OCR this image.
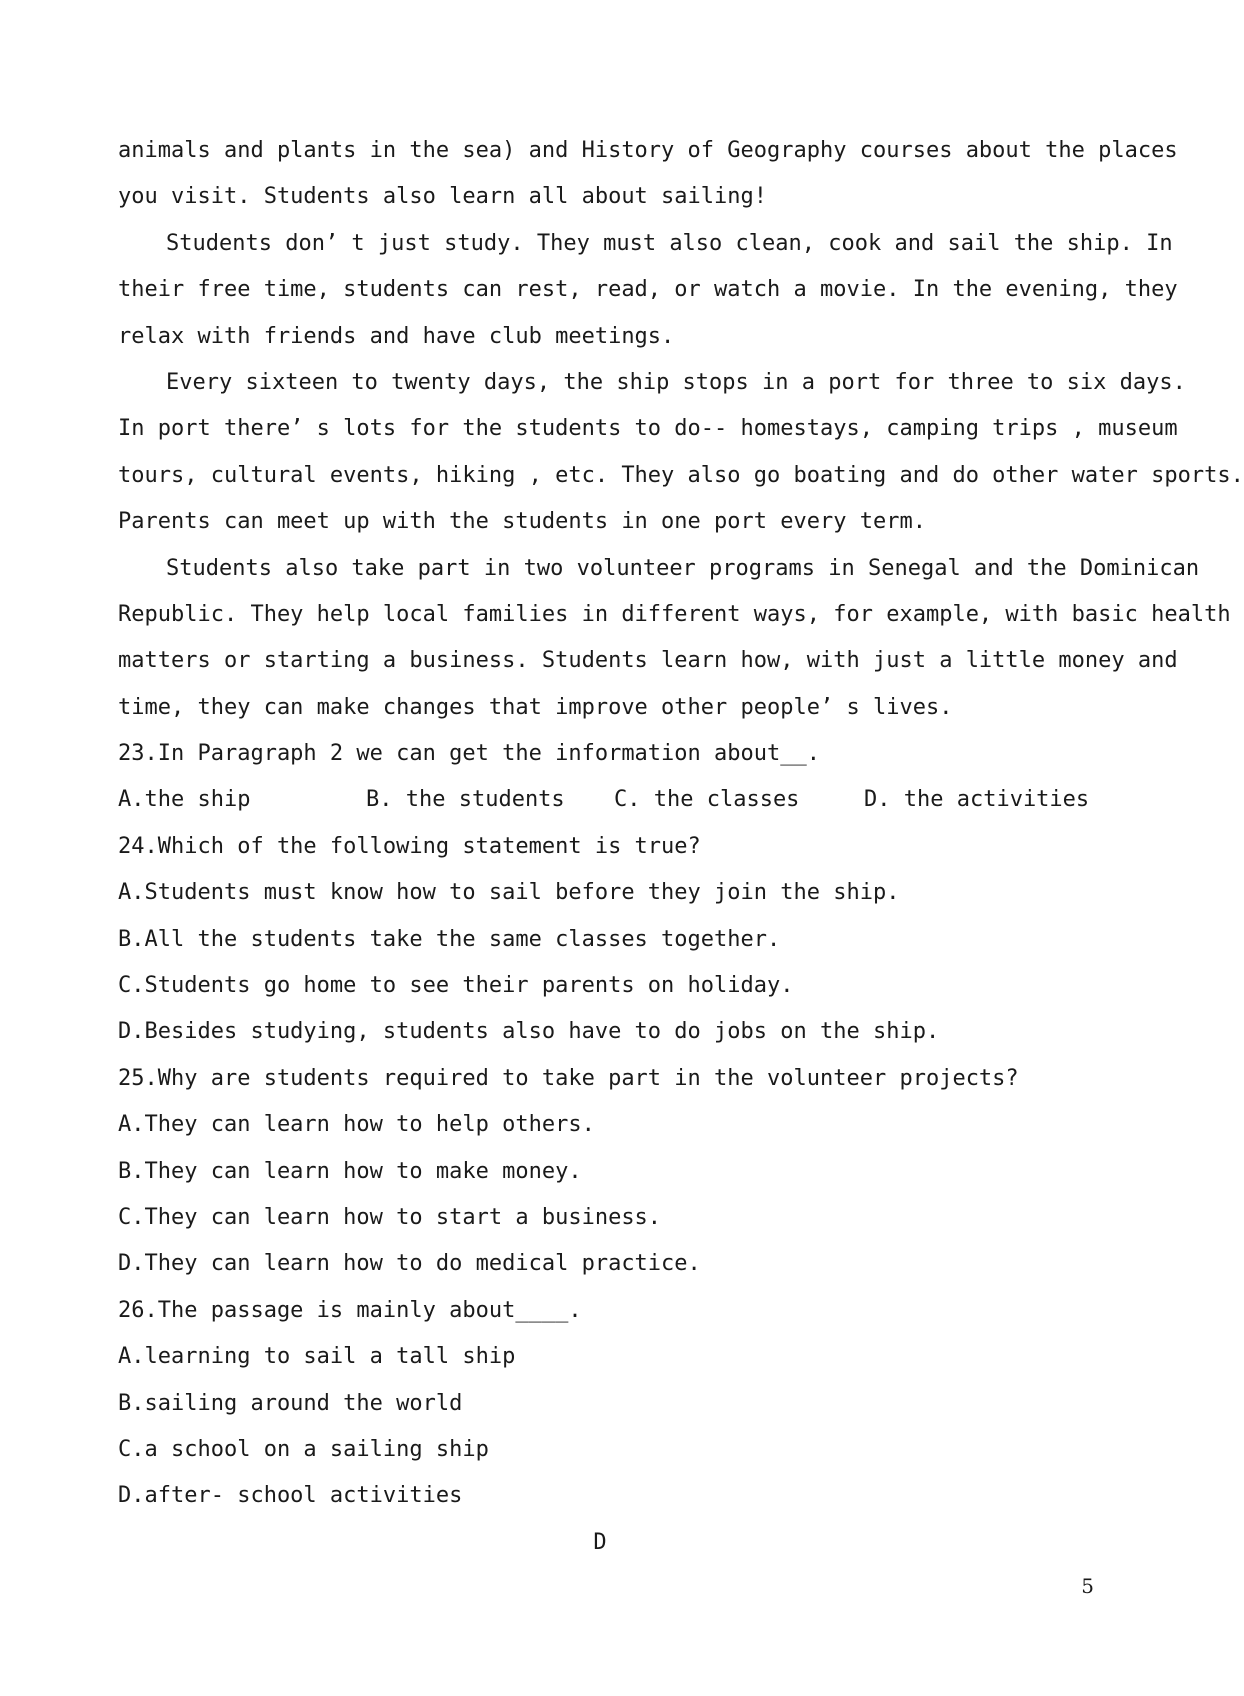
animals and plants in the sea) and History of Geography courses about the places
you visit. Students also learn all about sailing!
Students don’ t just study. They must also clean, cook and sail the ship. In
their free time, students can rest, read, or watch a movie. In the evening, they
relax with friends and have club meetings.
Every sixteen to twenty days, the ship stops in a port for three to six days.
In port there’ s lots for the students to do-- homestays, camping trips , museum
tours, cultural events, hiking , etc. They also go boating and do other water sports.
Parents can meet up with the students in one port every term.
Students also take part in two volunteer programs in Senegal and the Dominican
Republic. They help local families in different ways, for example, with basic health
matters or starting a business. Students learn how, with just a little money and
time, they can make changes that improve other people’ s lives.
23.In Paragraph 2 we can get the information about__.
A.the ship	B. the students	C. the classes	D. the activities
24.Which of the following statement is true?
A.Students must know how to sail before they join the ship.
B.All the students take the same classes together.
C.Students go home to see their parents on holiday.
D.Besides studying, students also have to do jobs on the ship.
25.Why are students required to take part in the volunteer projects?
A.They can learn how to help others.
B.They can learn how to make money.
C.They can learn how to start a business.
D.They can learn how to do medical practice.
26.The passage is mainly about____.
A.learning to sail a tall ship
B.sailing around the world
C.a school on a sailing ship
D.after- school activities
D
5
